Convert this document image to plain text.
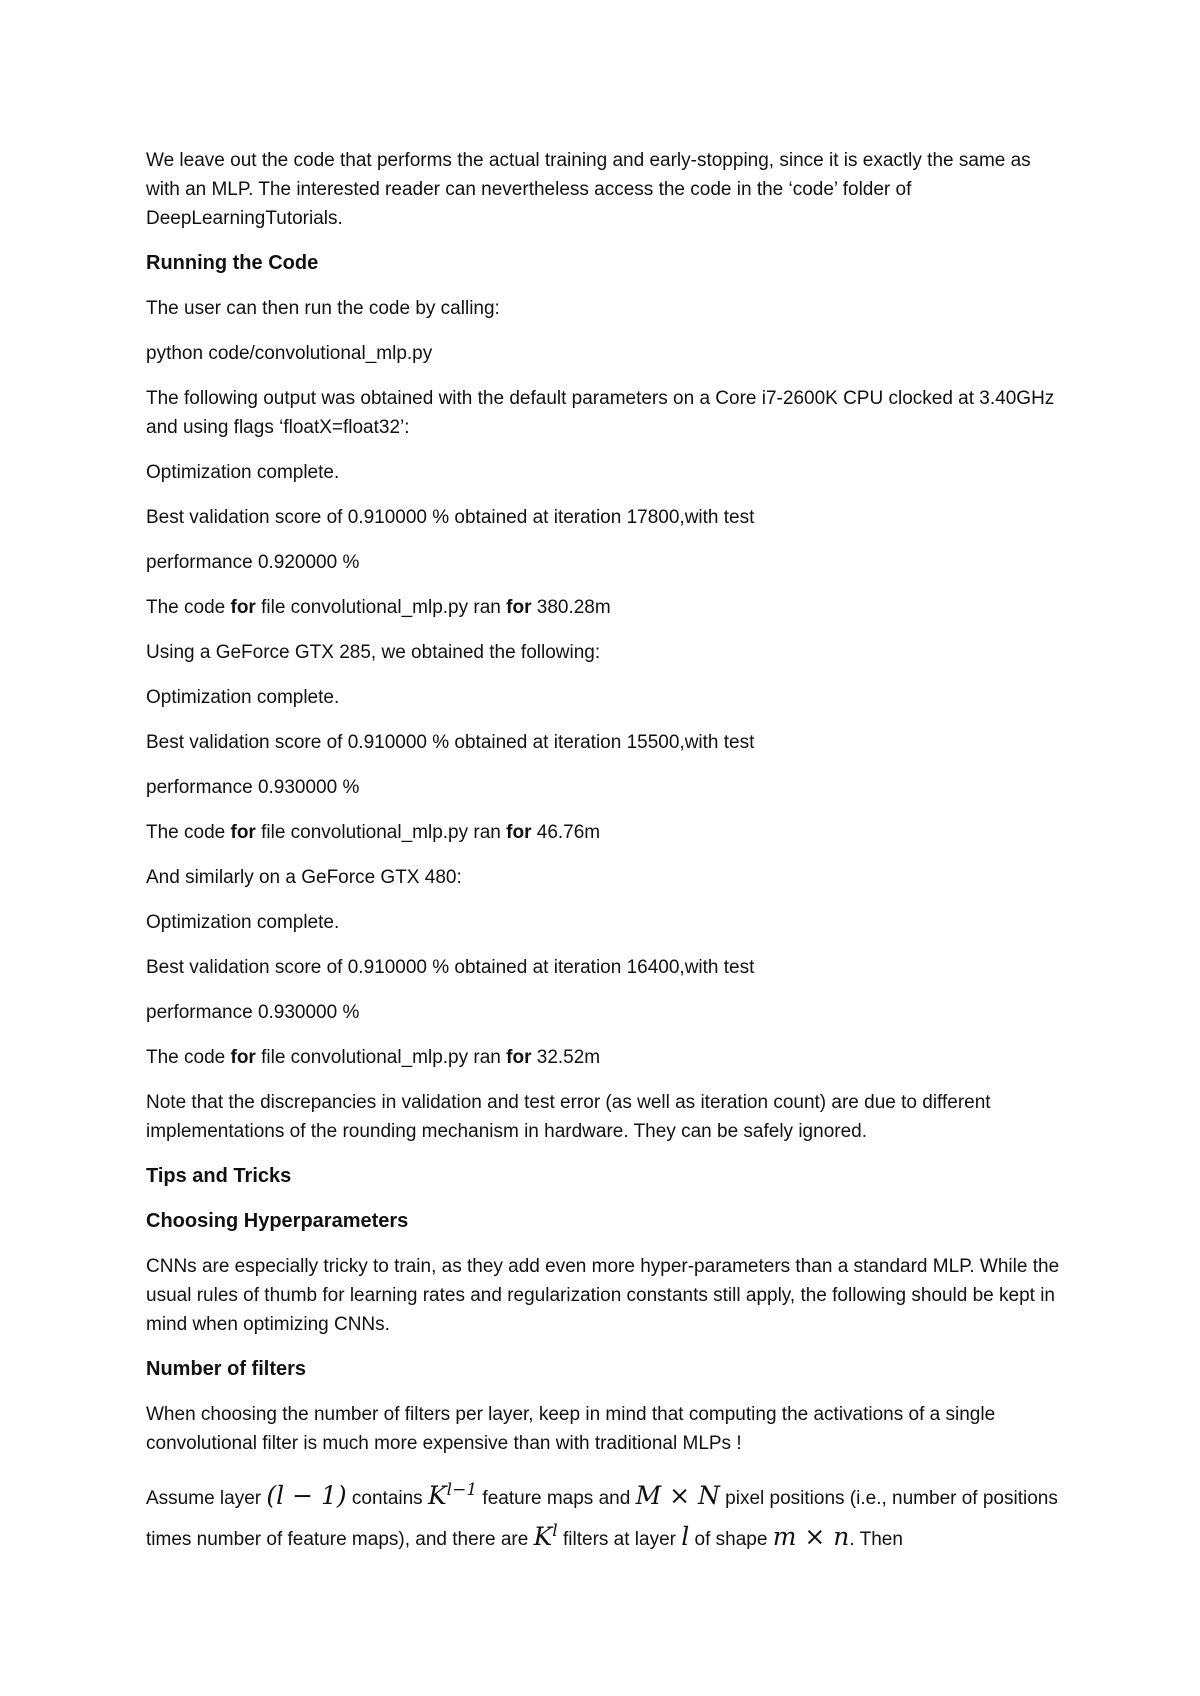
We leave out the code that performs the actual training and early-stopping, since it is exactly the same as with an MLP. The interested reader can nevertheless access the code in the ‘code’ folder of DeepLearningTutorials.

Running the Code
The user can then run the code by calling:
python code/convolutional_mlp.py

The following output was obtained with the default parameters on a Core i7-2600K CPU clocked at 3.40GHz and using flags ‘floatX=float32’:

Optimization complete.
Best validation score of 0.910000 % obtained at iteration 17800,with test
performance 0.920000 %
The code for file convolutional_mlp.py ran for 380.28m
Using a GeForce GTX 285, we obtained the following:
Optimization complete.
Best validation score of 0.910000 % obtained at iteration 15500,with test
performance 0.930000 %
The code for file convolutional_mlp.py ran for 46.76m
And similarly on a GeForce GTX 480:
Optimization complete.
Best validation score of 0.910000 % obtained at iteration 16400,with test
performance 0.930000 %
The code for file convolutional_mlp.py ran for 32.52m

Note that the discrepancies in validation and test error (as well as iteration count) are due to different implementations of the rounding mechanism in hardware. They can be safely ignored.

Tips and Tricks
Choosing Hyperparameters

CNNs are especially tricky to train, as they add even more hyper-parameters than a standard MLP. While the usual rules of thumb for learning rates and regularization constants still apply, the following should be kept in mind when optimizing CNNs.

Number of filters

When choosing the number of filters per layer, keep in mind that computing the activations of a single convolutional filter is much more expensive than with traditional MLPs !

Assume layer (l − 1) contains $K^{l-1}$ feature maps and M × N pixel positions (i.e., number of positions times number of feature maps), and there are $K^l$ filters at layer l of shape m × n. Then
